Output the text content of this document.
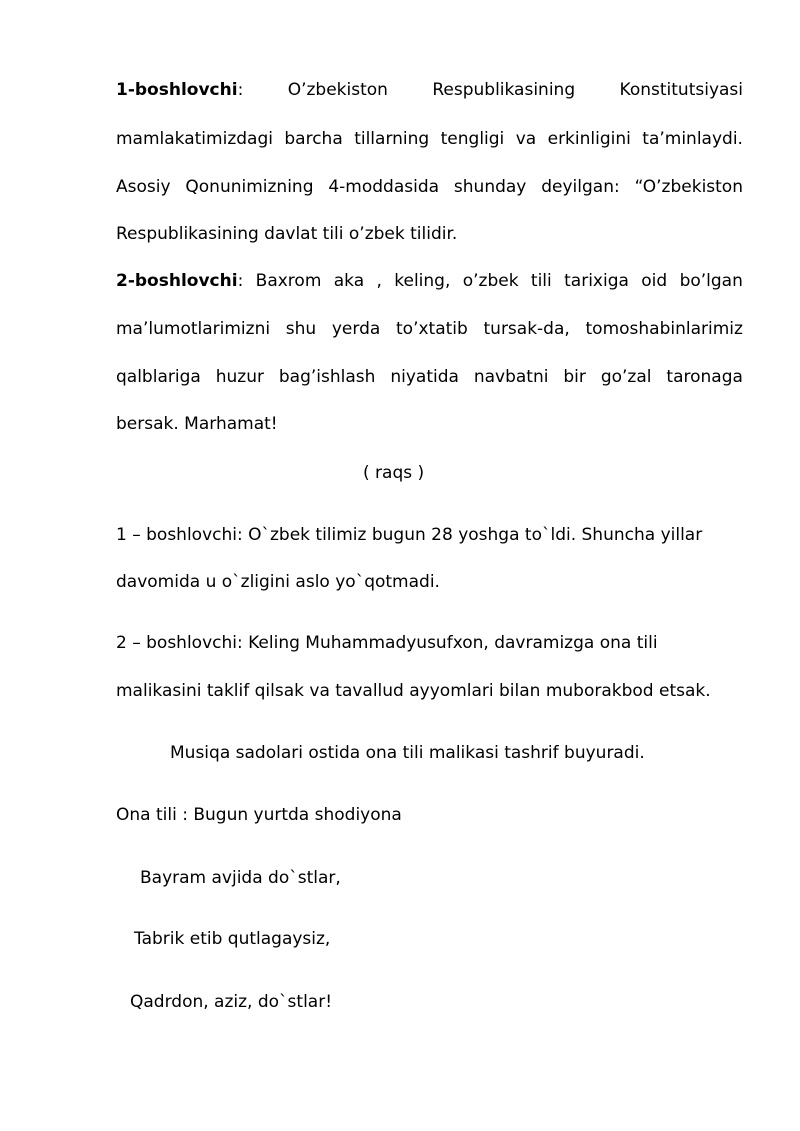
1-boshlovchi:	O’zbekiston	Respublikasining	Konstitutsiyasi
mamlakatimizdagi barcha tillarning tengligi va erkinligini ta’minlaydi.
Asosiy Qonunimizning 4-moddasida shunday deyilgan: “O’zbekiston
Respublikasining davlat tili o’zbek tilidir.
2-boshlovchi: Baxrom aka , keling, o’zbek tili tarixiga oid bo’lgan
ma’lumotlarimizni shu yerda to’xtatib tursak-da, tomoshabinlarimiz
qalblariga huzur bag’ishlash niyatida navbatni bir go’zal taronaga
bersak. Marhamat!
( raqs )
1 – boshlovchi: O`zbek tilimiz bugun 28 yoshga to`ldi. Shuncha yillar
davomida u o`zligini aslo yo`qotmadi.
2 – boshlovchi: Keling Muhammadyusufxon, davramizga ona tili
malikasini taklif qilsak va tavallud ayyomlari bilan muborakbod etsak.
Musiqa sadolari ostida ona tili malikasi tashrif buyuradi.
Ona tili : Bugun yurtda shodiyona
Bayram avjida do`stlar,
Tabrik etib qutlagaysiz,
Qadrdon, aziz, do`stlar!
